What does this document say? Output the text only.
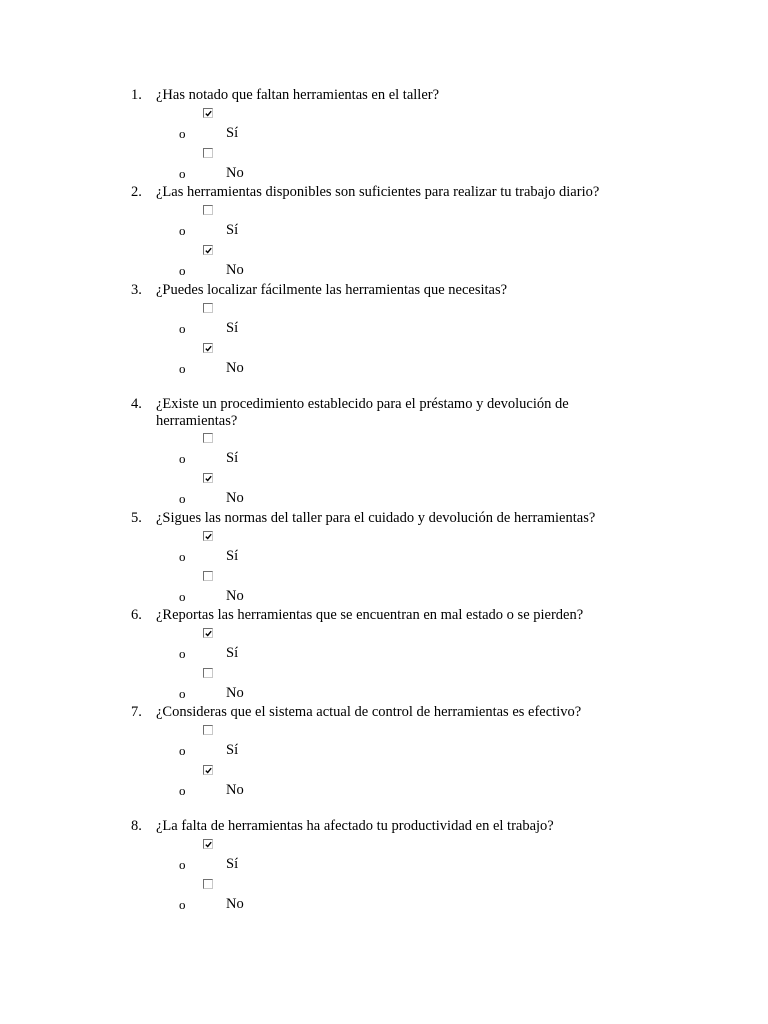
1. ¿Has notado que faltan herramientas en el taller?
o	Sí
o	No
2. ¿Las herramientas disponibles son suficientes para realizar tu trabajo diario?
o	Sí
o	No
3. ¿Puedes localizar fácilmente las herramientas que necesitas?
o	Sí
o	No
4. ¿Existe un procedimiento establecido para el préstamo y devolución de herramientas?
o	Sí
o	No
5. ¿Sigues las normas del taller para el cuidado y devolución de herramientas?
o	Sí
o	No
6. ¿Reportas las herramientas que se encuentran en mal estado o se pierden?
o	Sí
o	No
7. ¿Consideras que el sistema actual de control de herramientas es efectivo?
o	Sí
o	No
8. ¿La falta de herramientas ha afectado tu productividad en el trabajo?
o	Sí
o	No
